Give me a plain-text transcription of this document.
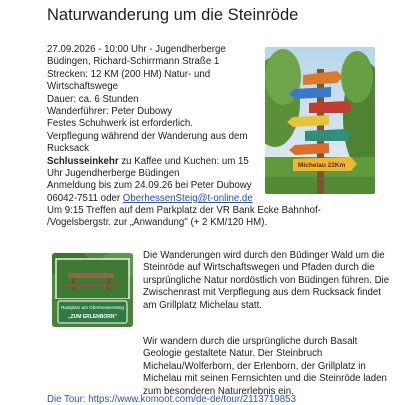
Naturwanderung um die Steinröde
27.09.2026 - 10:00 Uhr - Jugendherberge Büdingen, Richard-Schirrmann Straße 1
Strecken: 12 KM (200 HM) Natur- und Wirtschaftswege
Dauer: ca. 6 Stunden
Wanderführer: Peter Dubowy
Festes Schuhwerk ist erforderlich.
Verpflegung während der Wanderung aus dem Rucksack
Schlusseinkehr zu Kaffee und Kuchen: um 15 Uhr Jugendherberge Büdingen
Anmeldung bis zum 24.09.26 bei Peter Dubowy
06042-7511 oder OberhessenSteig@t-online.de
Michelau 22Km
Um 9:15 Treffen auf dem Parkplatz der VR Bank Ecke Bahnhof-
/Vogelsbergstr. zur „Anwandung" (+ 2 KM/120 HM).
Rastplatz am Oberhessensteig
„ZUM ERLENBORN"
Die Wanderungen wird durch den Büdinger Wald um die Steinröde auf Wirtschaftswegen und Pfaden durch die ursprüngliche Natur nordöstlich von Büdingen führen. Die Zwischenrast mit Verpflegung aus dem Rucksack findet am Grillplatz Michelau statt.
Wir wandern durch die ursprüngliche durch Basalt Geologie gestaltete Natur. Der Steinbruch Michelau/Wolferborn, der Erlenborn, der Grillplatz in Michelau mit seinen Fernsichten und die Steinröde laden zum besonderen Naturerlebnis ein.
Die Tour: https://www.komoot.com/de-de/tour/2113719853
